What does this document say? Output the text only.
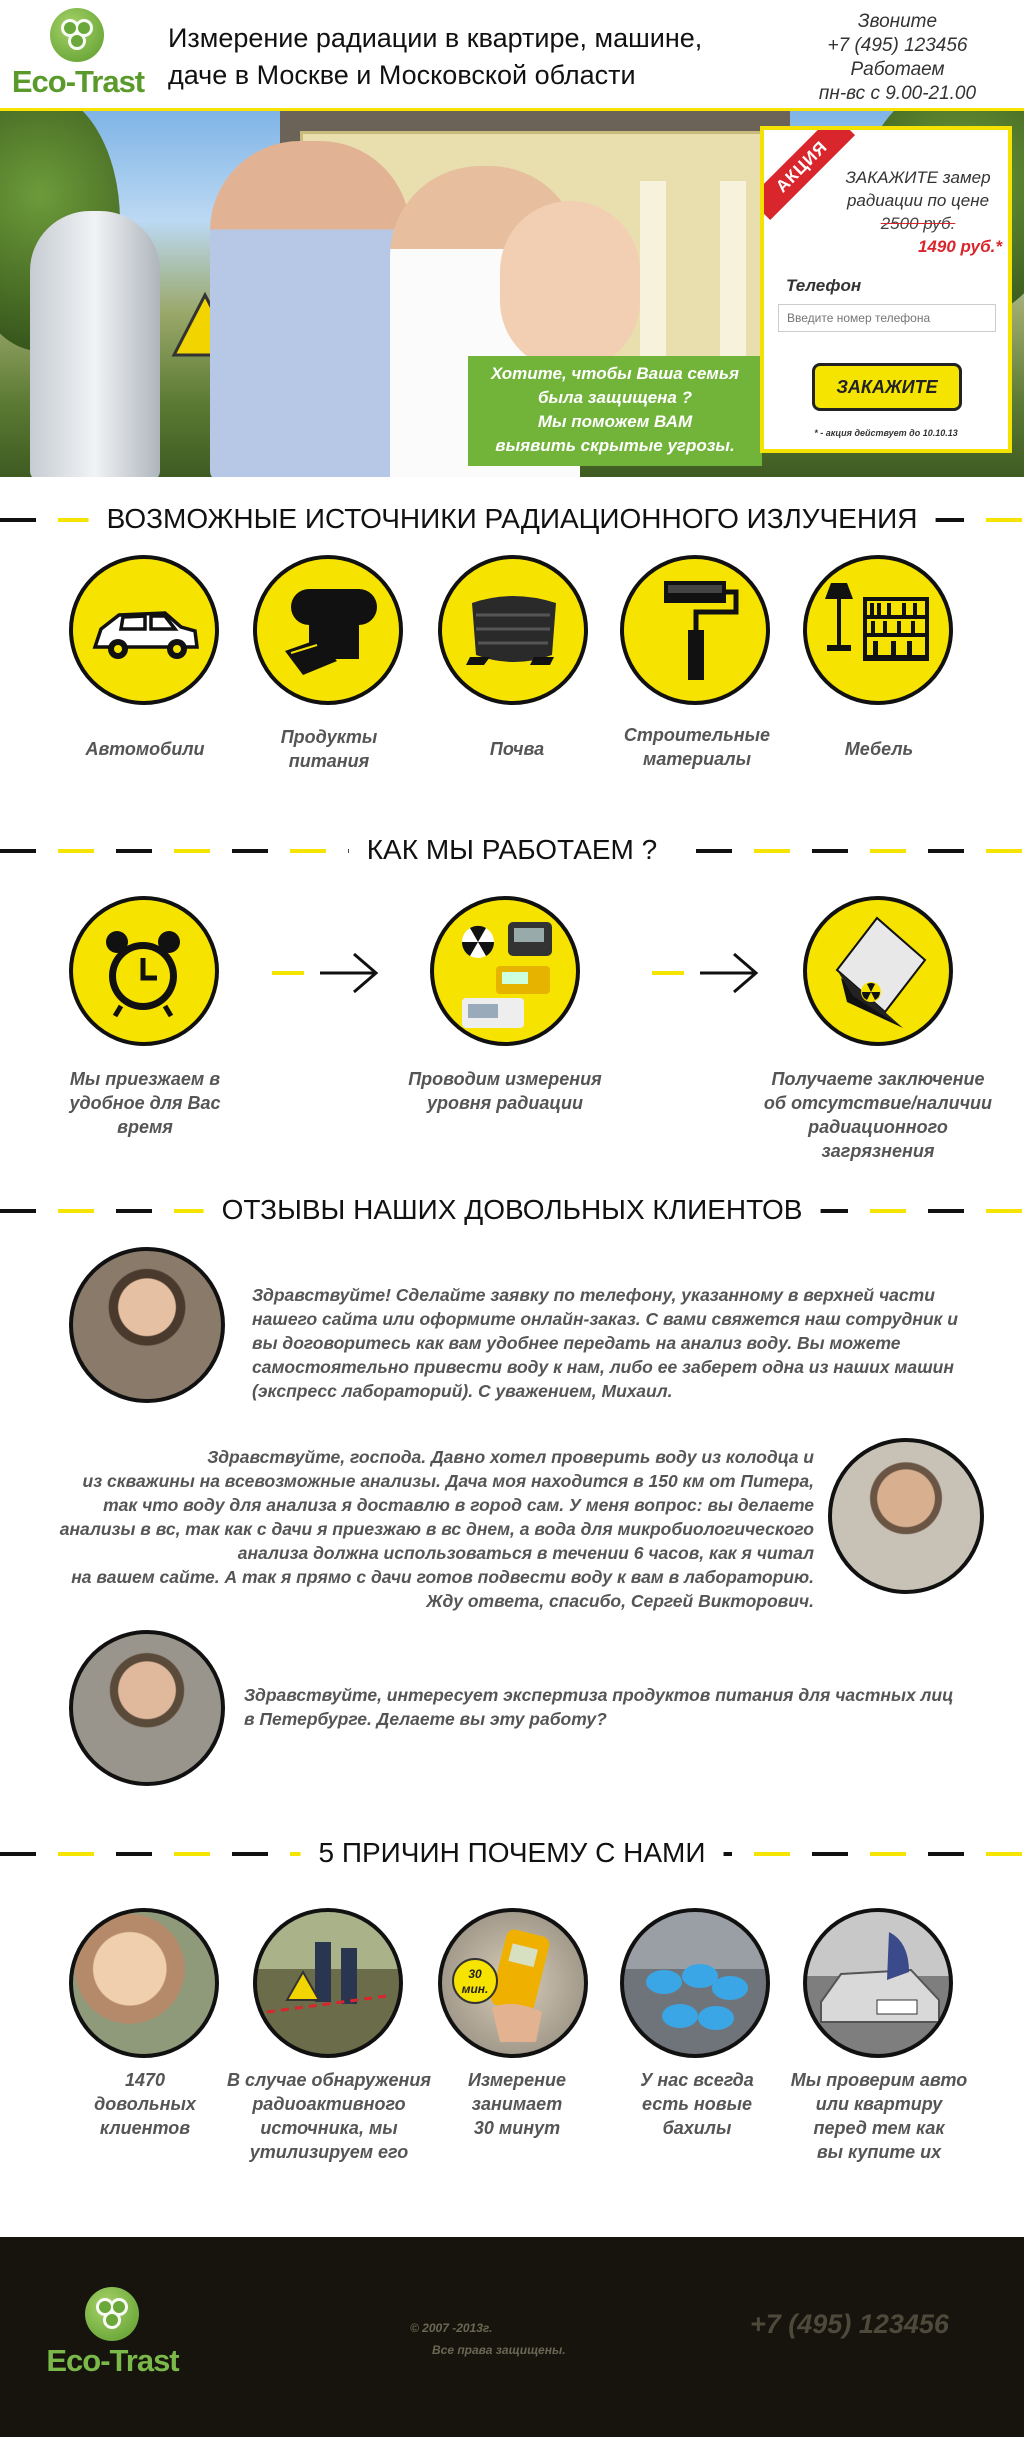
Eco-Trast
Измерение радиации в квартире, машине, даче в Москве и Московской области
Звоните
+7 (495) 123456
Работаем
пн-вс с 9.00-21.00
Хотите, чтобы Ваша семья
была защищена ?
Мы поможем ВАМ
выявить скрытые угрозы.
АКЦИЯ ЗАКАЖИТЕ замер
радиации по цене
2500 руб.
1490 руб.*
Телефон
Введите номер телефона
ЗАКАЖИТЕ
* - акция действует до 10.10.13
ВОЗМОЖНЫЕ ИСТОЧНИКИ РАДИАЦИОННОГО ИЗЛУЧЕНИЯ
Автомобили
Продукты
питания
Почва
Строительные
материалы	Мебель
КАК МЫ РАБОТАЕМ ?
Мы приезжаем в
удобное для Вас
время
Проводим измерения
уровня радиации
Получаете заключение
об отсутствие/наличии
радиационного
загрязнения
ОТЗЫВЫ НАШИХ ДОВОЛЬНЫХ КЛИЕНТОВ
Здравствуйте! Сделайте заявку по телефону, указанному в верхней части
нашего сайта или оформите онлайн-заказ. С вами свяжется наш сотрудник и
вы договоритесь как вам удобнее передать на анализ воду. Вы можете
самостоятельно привести воду к нам, либо ее заберет одна из наших машин
(экспресс лабораторий). С уважением, Михаил.
Здравствуйте, господа. Давно хотел проверить воду из колодца и
из скважины на всевозможные анализы. Дача моя находится в 150 км от Питера,
так что воду для анализа я доставлю в город сам. У меня вопрос: вы делаете
анализы в вс, так как с дачи я приезжаю в вс днем, а вода для микробиологического
анализа должна использоваться в течении 6 часов, как я читал
на вашем сайте. А так я прямо с дачи готов подвести воду к вам в лабораторию.
Жду ответа, спасибо, Сергей Викторович.
Здравствуйте, интересует экспертиза продуктов питания для частных лиц
в Петербурге. Делаете вы эту работу?
5 ПРИЧИН ПОЧЕМУ С НАМИ
30
мин.
1470
довольных
клиентов
В случае обнаружения
радиоактивного
источника, мы
утилизируем его
Измерение
занимает
30 минут
У нас всегда
есть новые
бахилы
Мы проверим авто
или квартиру
перед тем как
вы купите их
Eco-Trast
© 2007 -2013г.
Все права защищены.
+7 (495) 123456
